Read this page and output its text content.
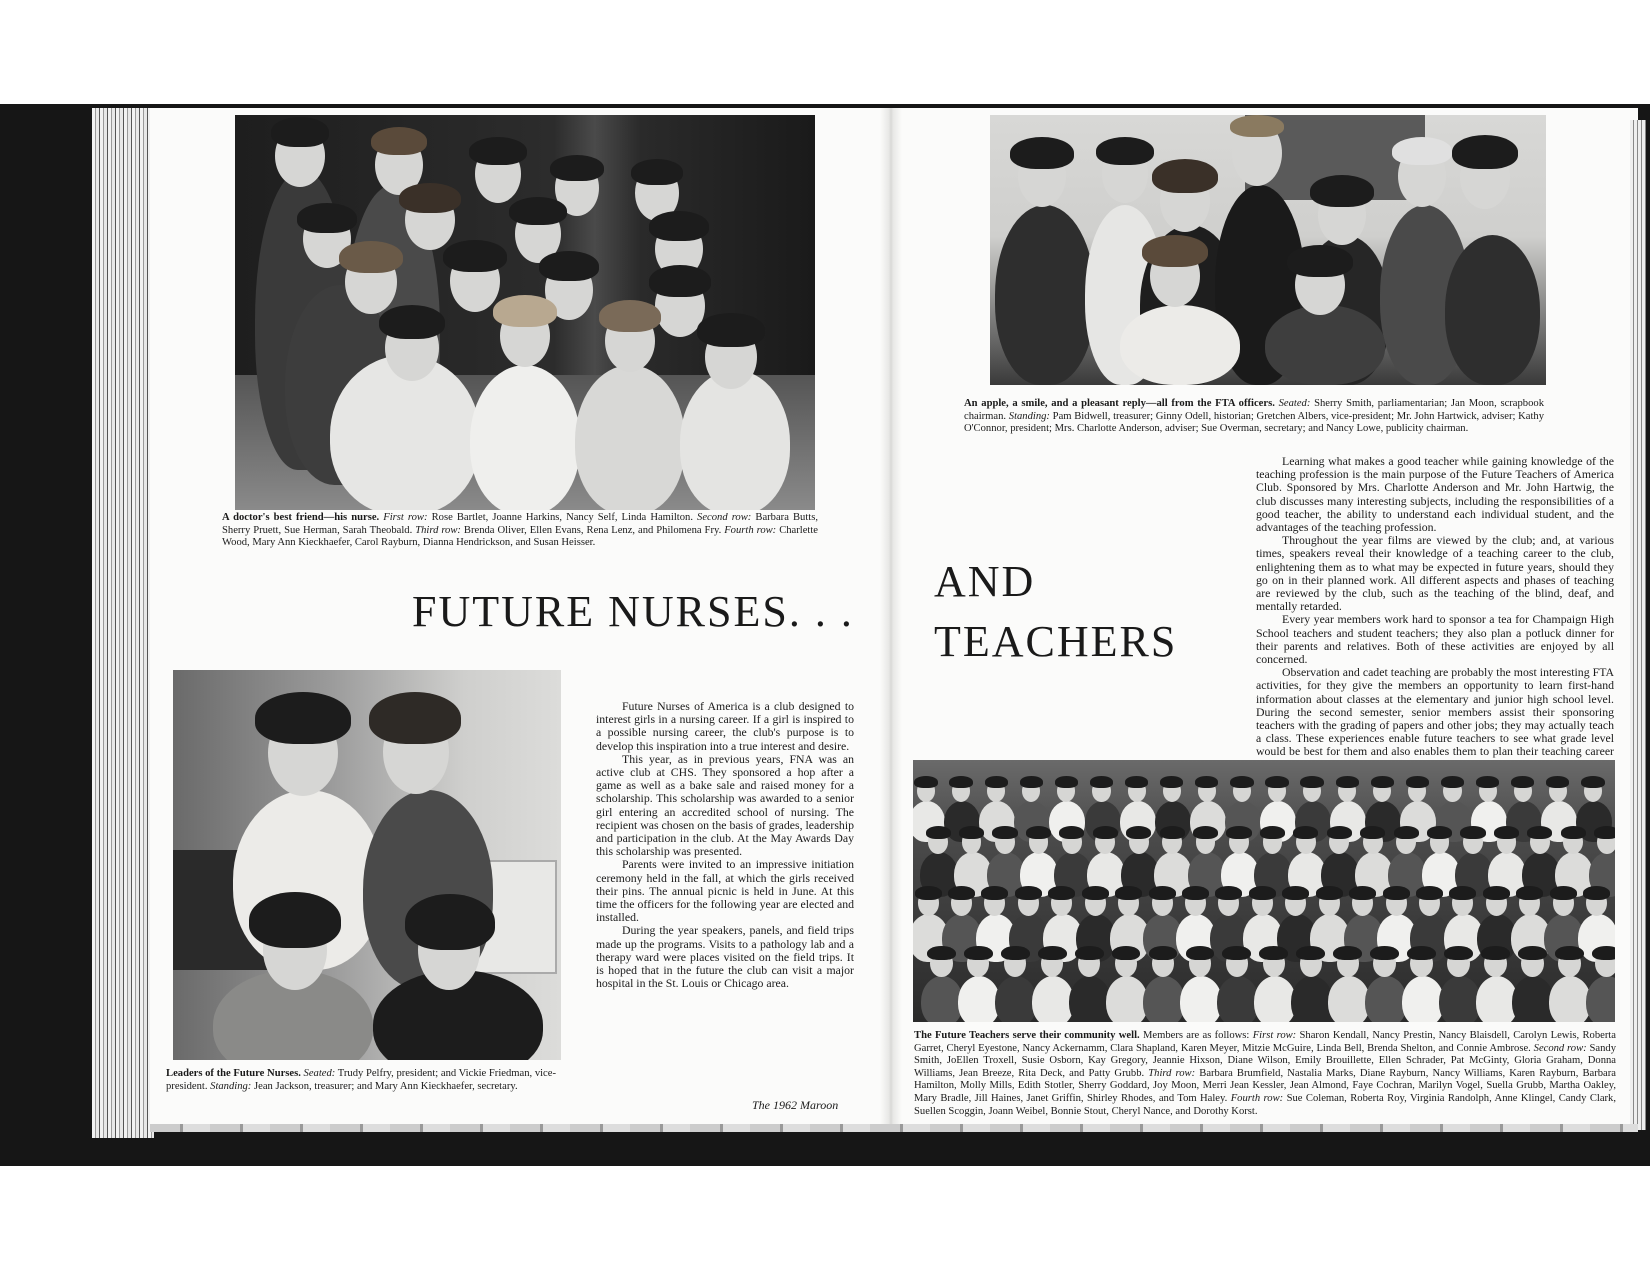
A doctor's best friend—his nurse. First row: Rose Bartlet, Joanne Harkins, Nancy Self, Linda Hamilton. Second row: Barbara Butts, Sherry Pruett, Sue Herman, Sarah Theobald. Third row: Brenda Oliver, Ellen Evans, Rena Lenz, and Philomena Fry. Fourth row: Charlette Wood, Mary Ann Kieckhaefer, Carol Rayburn, Dianna Hendrickson, and Susan Heisser.
FUTURE NURSES. . .
Leaders of the Future Nurses. Seated: Trudy Pelfry, president; and Vickie Friedman, vice-president. Standing: Jean Jackson, treasurer; and Mary Ann Kieckhaefer, secretary.

Future Nurses of America is a club designed to interest girls in a nursing career. If a girl is inspired to a possible nursing career, the club's purpose is to develop this inspiration into a true interest and desire.

This year, as in previous years, FNA was an active club at CHS. They sponsored a hop after a game as well as a bake sale and raised money for a scholarship. This scholarship was awarded to a senior girl entering an accredited school of nursing. The recipient was chosen on the basis of grades, leadership and participation in the club. At the May Awards Day this scholarship was presented.

Parents were invited to an impressive initiation ceremony held in the fall, at which the girls received their pins. The annual picnic is held in June. At this time the officers for the following year are elected and installed.

During the year speakers, panels, and field trips made up the programs. Visits to a pathology lab and a therapy ward were places visited on the field trips. It is hoped that in the future the club can visit a major hospital in the St. Louis or Chicago area.

The 1962 Maroon
AND
TEACHERS
An apple, a smile, and a pleasant reply—all from the FTA officers. Seated: Sherry Smith, parliamentarian; Jan Moon, scrapbook chairman. Standing: Pam Bidwell, treasurer; Ginny Odell, historian; Gretchen Albers, vice-president; Mr. John Hartwick, adviser; Kathy O'Connor, president; Mrs. Charlotte Anderson, adviser; Sue Overman, secretary; and Nancy Lowe, publicity chairman.

Learning what makes a good teacher while gaining knowledge of the teaching profession is the main purpose of the Future Teachers of America Club. Sponsored by Mrs. Charlotte Anderson and Mr. John Hartwig, the club discusses many interesting subjects, including the responsibilities of a good teacher, the ability to understand each individual student, and the advantages of the teaching profession.

Throughout the year films are viewed by the club; and, at various times, speakers reveal their knowledge of a teaching career to the club, enlightening them as to what may be expected in future years, should they go on in their planned work. All different aspects and phases of teaching are reviewed by the club, such as the teaching of the blind, deaf, and mentally retarded.

Every year members work hard to sponsor a tea for Champaign High School teachers and student teachers; they also plan a potluck dinner for their parents and relatives. Both of these activities are enjoyed by all concerned.

Observation and cadet teaching are probably the most interesting FTA activities, for they give the members an opportunity to learn first-hand information about classes at the elementary and junior high school level. During the second semester, senior members assist their sponsoring teachers with the grading of papers and other jobs; they may actually teach a class. These experiences enable future teachers to see what grade level would be best for them and also enables them to plan their teaching career

The Future Teachers serve their community well. Members are as follows: First row: Sharon Kendall, Nancy Prestin, Nancy Blaisdell, Carolyn Lewis, Roberta Garret, Cheryl Eyestone, Nancy Ackernamm, Clara Shapland, Karen Meyer, Mitzie McGuire, Linda Bell, Brenda Shelton, and Connie Ambrose. Second row: Sandy Smith, JoEllen Troxell, Susie Osborn, Kay Gregory, Jeannie Hixson, Diane Wilson, Emily Brouillette, Ellen Schrader, Pat McGinty, Gloria Graham, Donna Williams, Jean Breeze, Rita Deck, and Patty Grubb. Third row: Barbara Brumfield, Nastalia Marks, Diane Rayburn, Nancy Williams, Karen Rayburn, Barbara Hamilton, Molly Mills, Edith Stotler, Sherry Goddard, Joy Moon, Merri Jean Kessler, Jean Almond, Faye Cochran, Marilyn Vogel, Suella Grubb, Martha Oakley, Mary Bradle, Jill Haines, Janet Griffin, Shirley Rhodes, and Tom Haley. Fourth row: Sue Coleman, Roberta Roy, Virginia Randolph, Anne Klingel, Candy Clark, Suellen Scoggin, Joann Weibel, Bonnie Stout, Cheryl Nance, and Dorothy Korst.
